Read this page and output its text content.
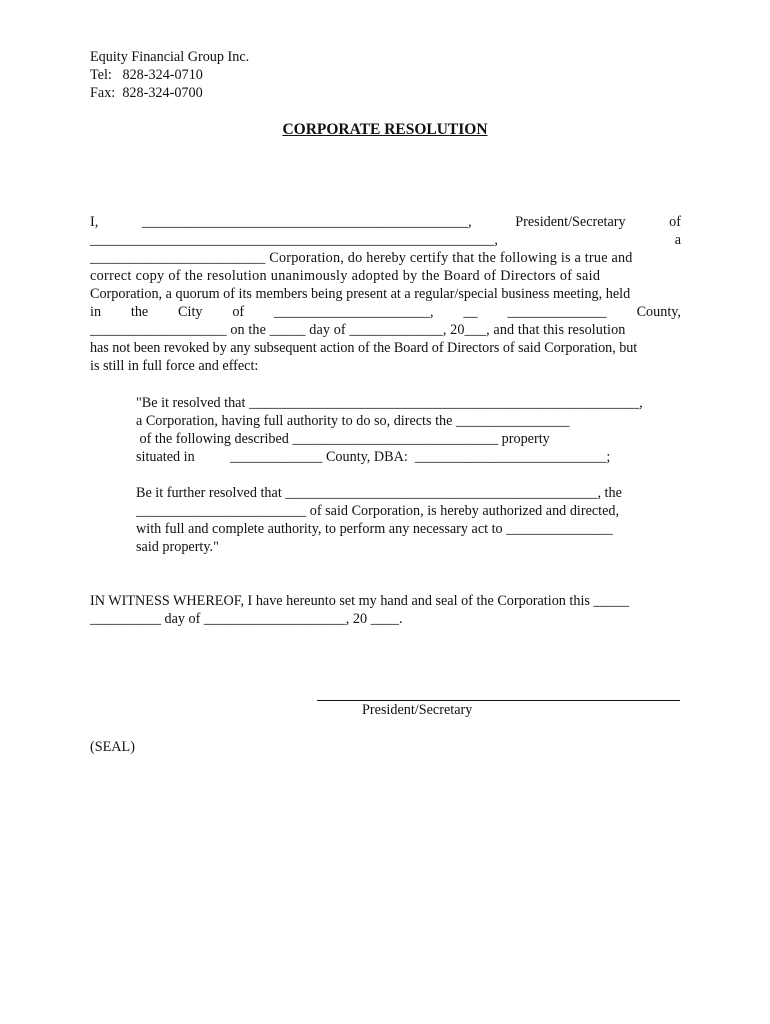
Equity Financial Group Inc.
Tel:   828-324-0710
Fax:  828-324-0700
CORPORATE RESOLUTION
I,	______________________________________________,	President/Secretary	of
_________________________________________________________,	a
________________________ Corporation, do hereby certify that the following is a true and
correct copy of the resolution unanimously adopted by the Board of Directors of said
Corporation, a quorum of its members being present at a regular/special business meeting, held
in the City of ______________________, __ ______________ County,
___________________ on the _____ day of _____________, 20___, and that this resolution
has not been revoked by any subsequent action of the Board of Directors of said Corporation, but
is still in full force and effect:
"Be it resolved that _______________________________________________________,
a Corporation, having full authority to do so, directs the ________________
of the following described _____________________________ property
situated in          _____________ County, DBA:  ___________________________;
Be it further resolved that ____________________________________________, the
________________________ of said Corporation, is hereby authorized and directed,
with full and complete authority, to perform any necessary act to _______________
said property."
IN WITNESS WHEREOF, I have hereunto set my hand and seal of the Corporation this _____
__________ day of ____________________, 20 ____.
President/Secretary
(SEAL)
